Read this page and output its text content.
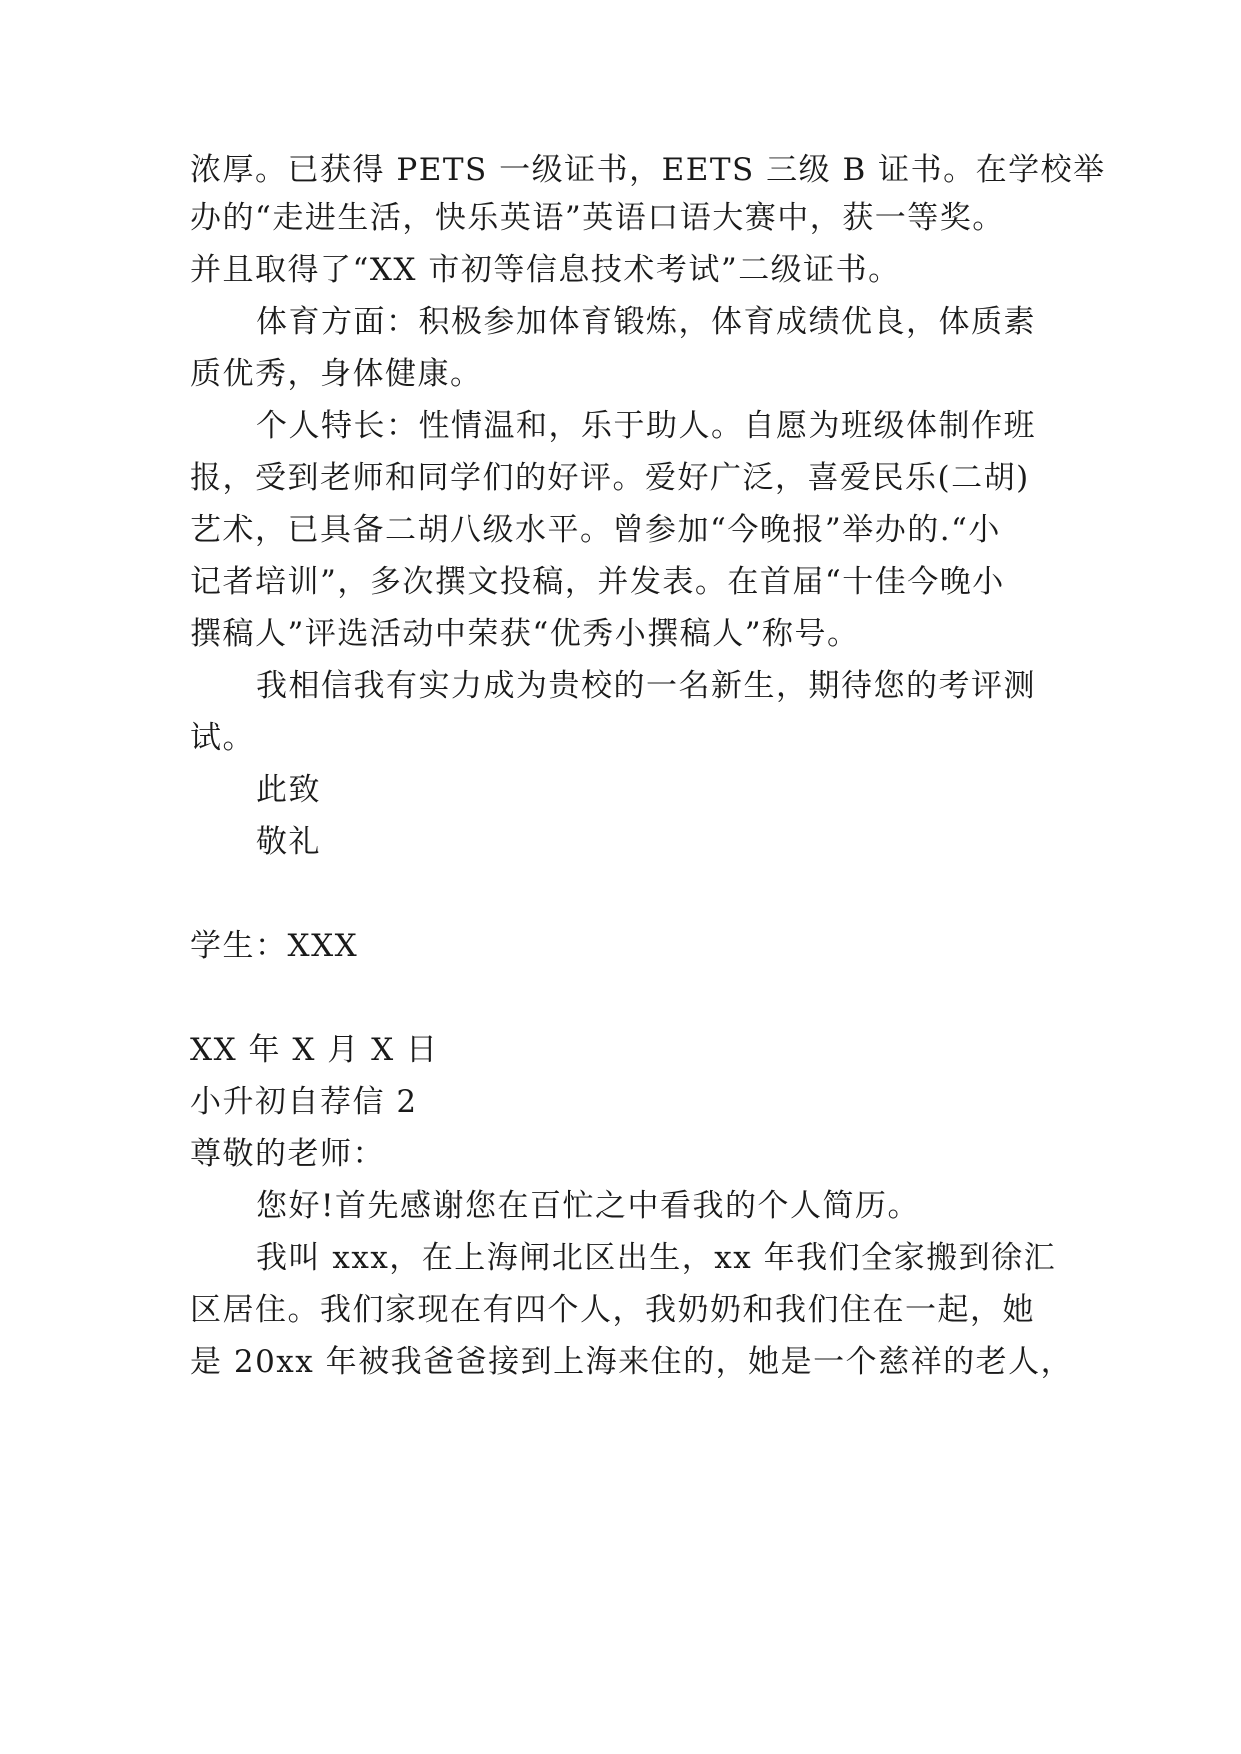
浓厚。已获得 PETS 一级证书，EETS 三级 B 证书。在学校举
办的“走进生活，快乐英语”英语口语大赛中，获一等奖。
并且取得了“XX 市初等信息技术考试”二级证书。
体育方面：积极参加体育锻炼，体育成绩优良，体质素
质优秀，身体健康。
个人特长：性情温和，乐于助人。自愿为班级体制作班
报，受到老师和同学们的好评。爱好广泛，喜爱民乐(二胡)
艺术，已具备二胡八级水平。曾参加“今晚报”举办的.“小
记者培训”，多次撰文投稿，并发表。在首届“十佳今晚小
撰稿人”评选活动中荣获“优秀小撰稿人”称号。
我相信我有实力成为贵校的一名新生，期待您的考评测
试。
此致
敬礼
学生：XXX
XX 年 X 月 X 日
小升初自荐信 2
尊敬的老师：
您好!首先感谢您在百忙之中看我的个人简历。
我叫 xxx，在上海闸北区出生，xx 年我们全家搬到徐汇
区居住。我们家现在有四个人，我奶奶和我们住在一起，她
是 20xx 年被我爸爸接到上海来住的，她是一个慈祥的老人，
